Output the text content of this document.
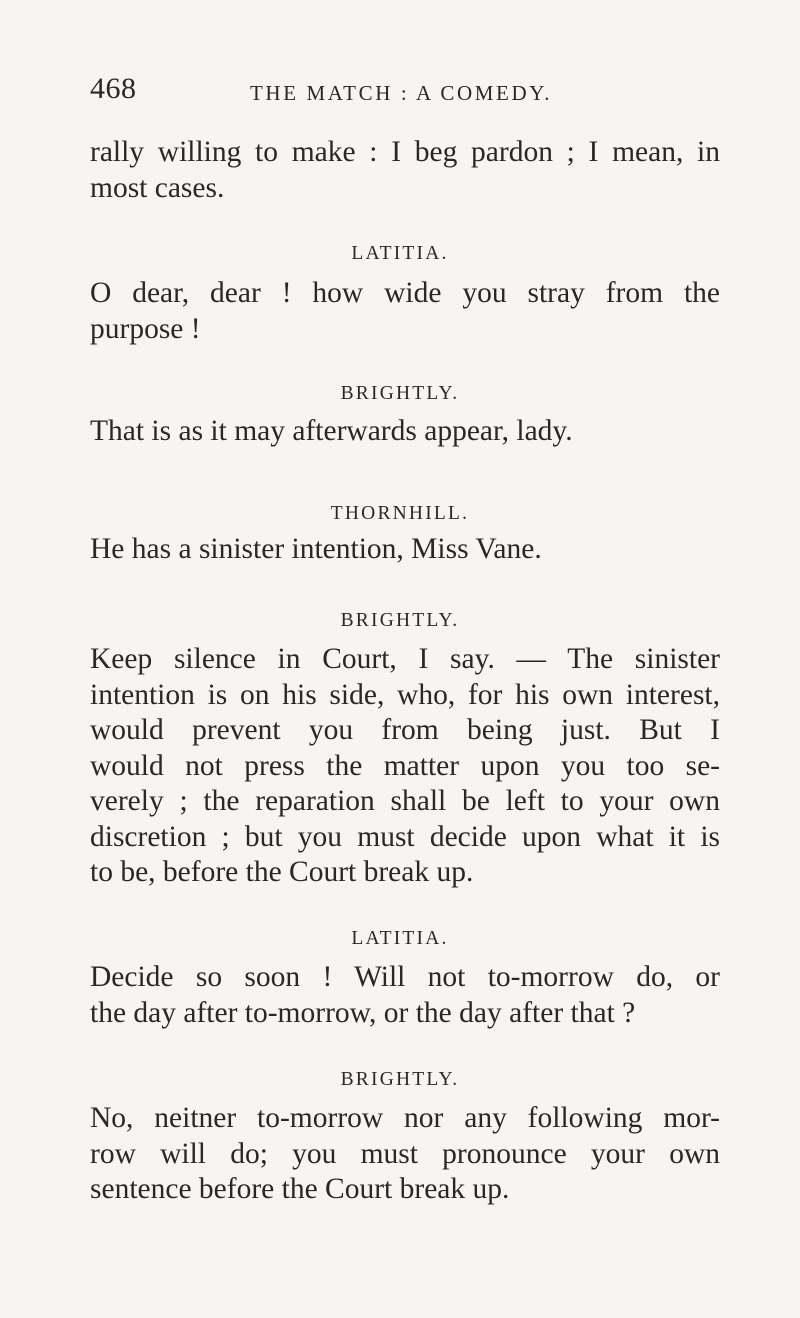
468	THE MATCH : A COMEDY.

rally willing to make : I beg pardon ; I mean, in
most cases.

LATITIA.

O dear, dear ! how wide you stray from the
purpose !

BRIGHTLY.

That is as it may afterwards appear, lady.

THORNHILL.

He has a sinister intention, Miss Vane.

BRIGHTLY.

Keep silence in Court, I say. — The sinister
intention is on his side, who, for his own interest,
would prevent you from being just. But I
would not press the matter upon you too se-
verely ; the reparation shall be left to your own
discretion ; but you must decide upon what it is
to be, before the Court break up.

LATITIA.

Decide so soon ! Will not to-morrow do, or
the day after to-morrow, or the day after that ?

BRIGHTLY.

No, neitner to-morrow nor any following mor-
row will do; you must pronounce your own
sentence before the Court break up.
